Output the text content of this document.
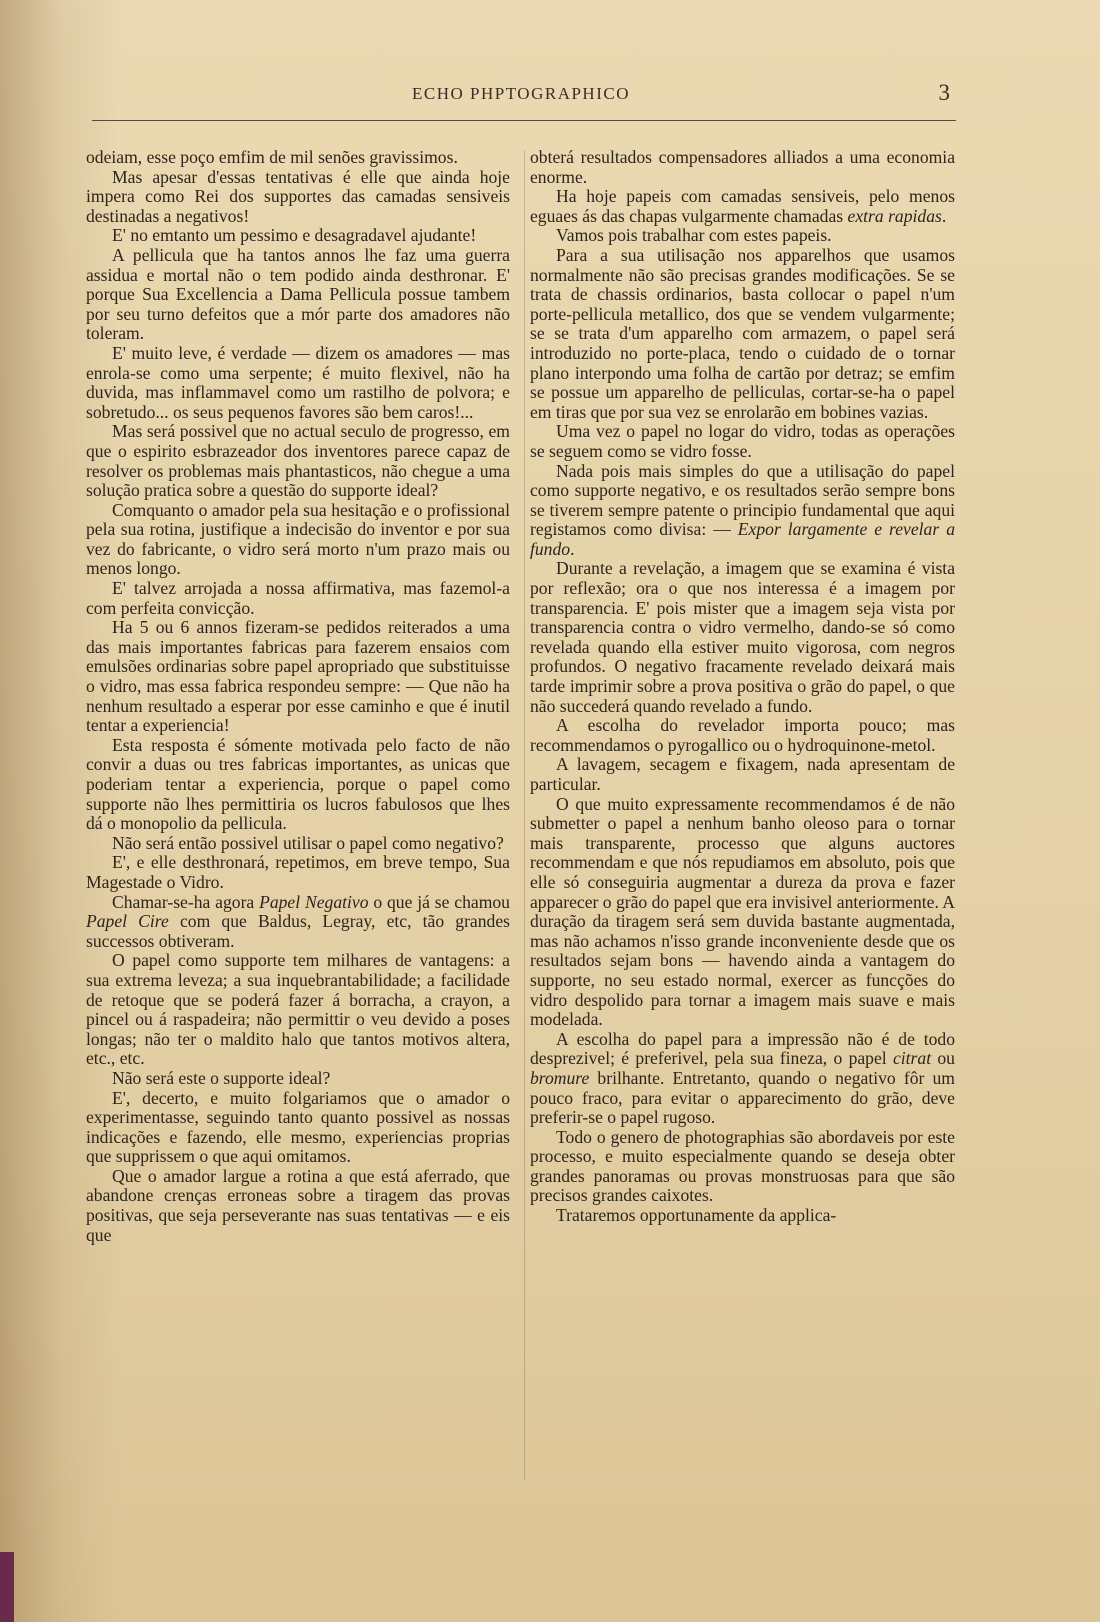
ECHO PHPTOGRAPHICO	3

odeiam, esse poço emfim de mil senões gravissimos.

Mas apesar d'essas tentativas é elle que ainda hoje impera como Rei dos supportes das camadas sensiveis destinadas a negativos!

E' no emtanto um pessimo e desagradavel ajudante!

A pellicula que ha tantos annos lhe faz uma guerra assidua e mortal não o tem podido ainda desthronar. E' porque Sua Excellencia a Dama Pellicula possue tambem por seu turno defeitos que a mór parte dos amadores não toleram.

E' muito leve, é verdade — dizem os amadores — mas enrola-se como uma serpente; é muito flexivel, não ha duvida, mas inflammavel como um rastilho de polvora; e sobretudo... os seus pequenos favores são bem caros!...

Mas será possivel que no actual seculo de progresso, em que o espirito esbrazeador dos inventores parece capaz de resolver os problemas mais phantasticos, não chegue a uma solução pratica sobre a questão do supporte ideal?

Comquanto o amador pela sua hesitação e o profissional pela sua rotina, justifique a indecisão do inventor e por sua vez do fabricante, o vidro será morto n'um prazo mais ou menos longo.

E' talvez arrojada a nossa affirmativa, mas fazemol-a com perfeita convicção.

Ha 5 ou 6 annos fizeram-se pedidos reiterados a uma das mais importantes fabricas para fazerem ensaios com emulsões ordinarias sobre papel apropriado que substituisse o vidro, mas essa fabrica respondeu sempre: — Que não ha nenhum resultado a esperar por esse caminho e que é inutil tentar a experiencia!

Esta resposta é sómente motivada pelo facto de não convir a duas ou tres fabricas importantes, as unicas que poderiam tentar a experiencia, porque o papel como supporte não lhes permittiria os lucros fabulosos que lhes dá o monopolio da pellicula.

Não será então possivel utilisar o papel como negativo?

E', e elle desthronará, repetimos, em breve tempo, Sua Magestade o Vidro.

Chamar-se-ha agora Papel Negativo o que já se chamou Papel Cire com que Baldus, Legray, etc, tão grandes successos obtiveram.

O papel como supporte tem milhares de vantagens: a sua extrema leveza; a sua inquebrantabilidade; a facilidade de retoque que se poderá fazer á borracha, a crayon, a pincel ou á raspadeira; não permittir o veu devido a poses longas; não ter o maldito halo que tantos motivos altera, etc., etc.

Não será este o supporte ideal?

E', decerto, e muito folgariamos que o amador o experimentasse, seguindo tanto quanto possivel as nossas indicações e fazendo, elle mesmo, experiencias proprias que supprissem o que aqui omitamos.

Que o amador largue a rotina a que está aferrado, que abandone crenças erroneas sobre a tiragem das provas positivas, que seja perseverante nas suas tentativas — e eis que

obterá resultados compensadores alliados a uma economia enorme.

Ha hoje papeis com camadas sensiveis, pelo menos eguaes ás das chapas vulgarmente chamadas extra rapidas.

Vamos pois trabalhar com estes papeis.

Para a sua utilisação nos apparelhos que usamos normalmente não são precisas grandes modificações. Se se trata de chassis ordinarios, basta collocar o papel n'um porte-pellicula metallico, dos que se vendem vulgarmente; se se trata d'um apparelho com armazem, o papel será introduzido no porte-placa, tendo o cuidado de o tornar plano interpondo uma folha de cartão por detraz; se emfim se possue um apparelho de pelliculas, cortar-se-ha o papel em tiras que por sua vez se enrolarão em bobines vazias.

Uma vez o papel no logar do vidro, todas as operações se seguem como se vidro fosse.

Nada pois mais simples do que a utilisação do papel como supporte negativo, e os resultados serão sempre bons se tiverem sempre patente o principio fundamental que aqui registamos como divisa: — Expor largamente e revelar a fundo.

Durante a revelação, a imagem que se examina é vista por reflexão; ora o que nos interessa é a imagem por transparencia. E' pois mister que a imagem seja vista por transparencia contra o vidro vermelho, dando-se só como revelada quando ella estiver muito vigorosa, com negros profundos. O negativo fracamente revelado deixará mais tarde imprimir sobre a prova positiva o grão do papel, o que não succederá quando revelado a fundo.

A escolha do revelador importa pouco; mas recommendamos o pyrogallico ou o hydroquinone-metol.

A lavagem, secagem e fixagem, nada apresentam de particular.

O que muito expressamente recommendamos é de não submetter o papel a nenhum banho oleoso para o tornar mais transparente, processo que alguns auctores recommendam e que nós repudiamos em absoluto, pois que elle só conseguiria augmentar a dureza da prova e fazer apparecer o grão do papel que era invisivel anteriormente. A duração da tiragem será sem duvida bastante augmentada, mas não achamos n'isso grande inconveniente desde que os resultados sejam bons — havendo ainda a vantagem do supporte, no seu estado normal, exercer as funcções do vidro despolido para tornar a imagem mais suave e mais modelada.

A escolha do papel para a impressão não é de todo desprezivel; é preferivel, pela sua fineza, o papel citrat ou bromure brilhante. Entretanto, quando o negativo fôr um pouco fraco, para evitar o apparecimento do grão, deve preferir-se o papel rugoso.

Todo o genero de photographias são abordaveis por este processo, e muito especialmente quando se deseja obter grandes panoramas ou provas monstruosas para que são precisos grandes caixotes.

Trataremos opportunamente da applica-
